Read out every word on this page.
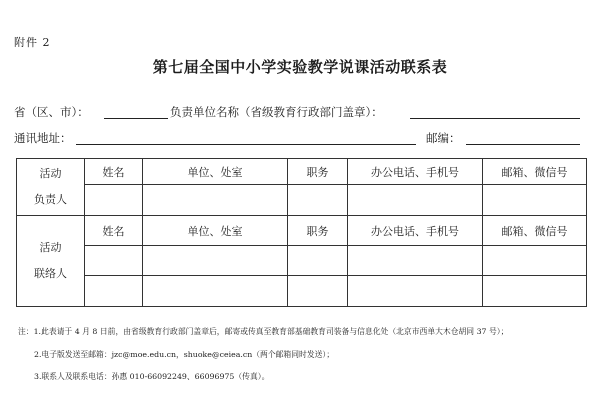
附件 2
第七届全国中小学实验教学说课活动联系表
省（区、市）：	负责单位名称（省级教育行政部门盖章）：
通讯地址：	邮编：
活动
负责人	姓名	单位、处室	职务	办公电话、手机号	邮箱、微信号

活动
联络人	姓名	单位、处室	职务	办公电话、手机号	邮箱、微信号

注：1.此表请于 4 月 8 日前，由省级教育行政部门盖章后，邮寄或传真至教育部基础教育司装备与信息化处（北京市西单大木仓胡同 37 号）；
2.电子版发送至邮箱：jzc@moe.edu.cn，shuoke@ceiea.cn（两个邮箱同时发送）；
3.联系人及联系电话：孙惠 010-66092249、66096975（传真）。
